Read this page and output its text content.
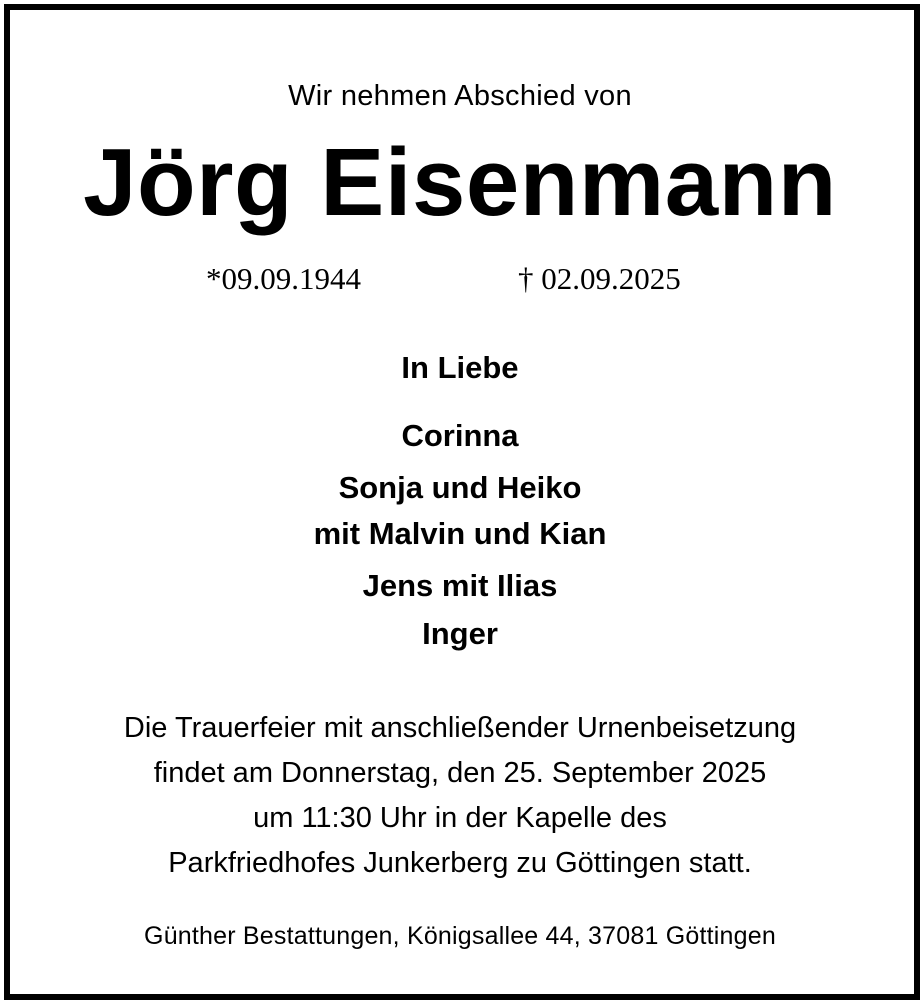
Wir nehmen Abschied von
Jörg Eisenmann
*09.09.1944	† 02.09.2025
In Liebe
Corinna
Sonja und Heiko
mit Malvin und Kian
Jens mit Ilias
Inger
Die Trauerfeier mit anschließender Urnenbeisetzung
findet am Donnerstag, den 25. September 2025
um 11:30 Uhr in der Kapelle des
Parkfriedhofes Junkerberg zu Göttingen statt.
Günther Bestattungen, Königsallee 44, 37081 Göttingen
